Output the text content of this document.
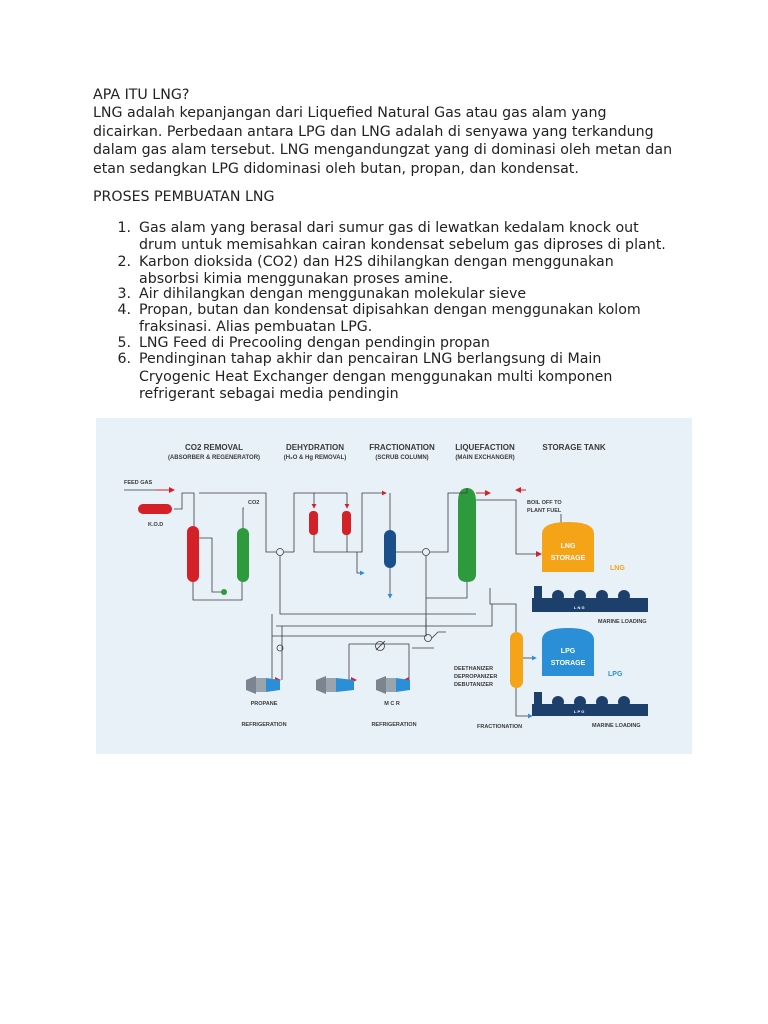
APA ITU LNG?
LNG adalah kepanjangan dari Liquefied Natural Gas atau gas alam yang
dicairkan. Perbedaan antara LPG dan LNG adalah di senyawa yang terkandung
dalam gas alam tersebut. LNG mengandungzat yang di dominasi oleh metan dan
etan sedangkan LPG didominasi oleh butan, propan, dan kondensat.
PROSES PEMBUATAN LNG
1. Gas alam yang berasal dari sumur gas di lewatkan kedalam knock out
drum untuk memisahkan cairan kondensat sebelum gas diproses di plant.
2. Karbon dioksida (CO2) dan H2S dihilangkan dengan menggunakan
absorbsi kimia menggunakan proses amine.
3. Air dihilangkan dengan menggunakan molekular sieve
4. Propan, butan dan kondensat dipisahkan dengan menggunakan kolom
fraksinasi. Alias pembuatan LPG.
5. LNG Feed di Precooling dengan pendingin propan
6. Pendinginan tahap akhir dan pencairan LNG berlangsung di Main
Cryogenic Heat Exchanger dengan menggunakan multi komponen
refrigerant sebagai media pendingin
CO2 REMOVAL
(ABSORBER & REGENERATOR)
DEHYDRATION
(H₂O & Hg REMOVAL)
FRACTIONATION
(SCRUB COLUMN)
LIQUEFACTION
(MAIN EXCHANGER)
STORAGE TANK
FEED GAS
K.O.D
CO2	BOIL OFF TO
PLANT FUEL
LNG
STORAGE
LNG
L N G
MARINE LOADING
LPG
STORAGE
LPG
L P G
MARINE LOADING
DEETHANIZER
DEPROPANIZER
DEBUTANIZER
FRACTIONATION
PROPANE	M C R
REFRIGERATION	REFRIGERATION
